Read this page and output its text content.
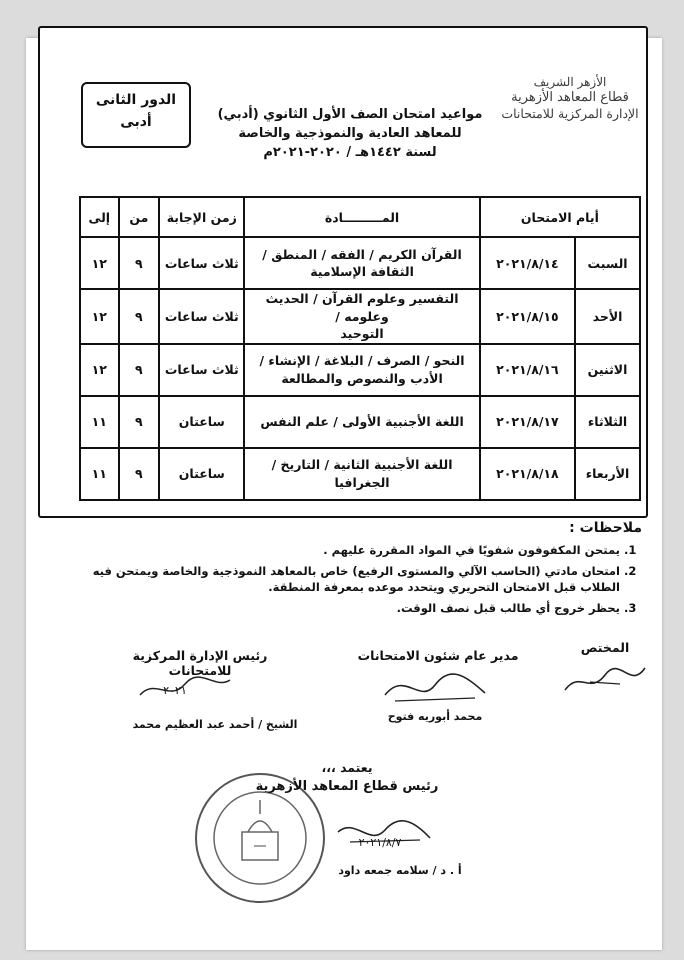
الأزهر الشريف
قطاع المعاهد الأزهرية
الإدارة المركزية للامتحانات
مواعيد امتحان الصف الأول الثانوي (أدبي)
للمعاهد العادية والنموذجية والخاصة
لسنة ١٤٤٢هـ / ٢٠٢٠-٢٠٢١م
الدور الثانى
أدبى
أيام الامتحان		المـــــــــادة	زمن الإجابة	من	إلى
السبت	٢٠٢١/٨/١٤	القرآن الكريم / الفقه / المنطق /
الثقافة الإسلامية	ثلاث ساعات	٩	١٢
الأحد	٢٠٢١/٨/١٥	التفسير وعلوم القرآن / الحديث وعلومه /
التوحيد	ثلاث ساعات	٩	١٢
الاثنين	٢٠٢١/٨/١٦	النحو / الصرف / البلاغة / الإنشاء /
الأدب والنصوص والمطالعة	ثلاث ساعات	٩	١٢
الثلاثاء	٢٠٢١/٨/١٧	اللغة الأجنبية الأولى / علم النفس	ساعتان	٩	١١
الأربعاء	٢٠٢١/٨/١٨	اللغة الأجنبية الثانية / التاريخ / الجغرافيا	ساعتان	٩	١١
ملاحظات :
1. يمتحن المكفوفون شفويًا في المواد المقررة عليهم .
2. امتحان مادتي (الحاسب الآلي والمستوى الرفيع) خاص بالمعاهد النموذجية والخاصة ويمتحن فيه الطلاب قبل الامتحان التحريري ويتحدد موعده بمعرفة المنطقة.
3. يحظر خروج أي طالب قبل نصف الوقت.
المختص
مدير عام شئون الامتحانات
محمد أبوريه فتوح
رئيس الإدارة المركزية للامتحانات
٢٠٢١
الشيخ / أحمد عبد العظيم محمد
يعتمد ،،،
رئيس قطاع المعاهد الأزهرية
٢٠٢١/٨/٧
أ . د / سلامه جمعه داود
